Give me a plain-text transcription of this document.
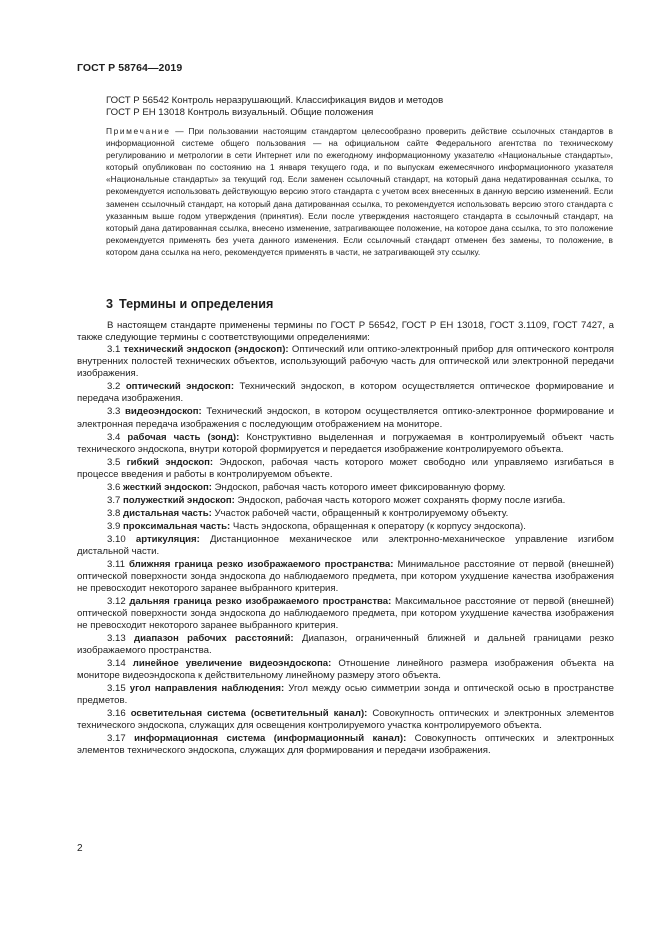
ГОСТ Р 58764—2019
ГОСТ Р 56542 Контроль неразрушающий. Классификация видов и методов
ГОСТ Р ЕН 13018 Контроль визуальный. Общие положения
Примечание — При пользовании настоящим стандартом целесообразно проверить действие ссылочных стандартов в информационной системе общего пользования — на официальном сайте Федерального агентства по техническому регулированию и метрологии в сети Интернет или по ежегодному информационному указателю «Национальные стандарты», который опубликован по состоянию на 1 января текущего года, и по выпускам ежемесячного информационного указателя «Национальные стандарты» за текущий год. Если заменен ссылочный стандарт, на который дана недатированная ссылка, то рекомендуется использовать действующую версию этого стандарта с учетом всех внесенных в данную версию изменений. Если заменен ссылочный стандарт, на который дана датированная ссылка, то рекомендуется использовать версию этого стандарта с указанным выше годом утверждения (принятия). Если после утверждения настоящего стандарта в ссылочный стандарт, на который дана датированная ссылка, внесено изменение, затрагивающее положение, на которое дана ссылка, то это положение рекомендуется применять без учета данного изменения. Если ссылочный стандарт отменен без замены, то положение, в котором дана ссылка на него, рекомендуется применять в части, не затрагивающей эту ссылку.
3 Термины и определения

В настоящем стандарте применены термины по ГОСТ Р 56542, ГОСТ Р ЕН 13018, ГОСТ 3.1109, ГОСТ 7427, а также следующие термины с соответствующими определениями:

3.1 технический эндоскоп (эндоскоп): Оптический или оптико-электронный прибор для оптического контроля внутренних полостей технических объектов, использующий рабочую часть для оптической или электронной передачи изображения.

3.2 оптический эндоскоп: Технический эндоскоп, в котором осуществляется оптическое формирование и передача изображения.

3.3 видеоэндоскоп: Технический эндоскоп, в котором осуществляется оптико-электронное формирование и электронная передача изображения с последующим отображением на мониторе.

3.4 рабочая часть (зонд): Конструктивно выделенная и погружаемая в контролируемый объект часть технического эндоскопа, внутри которой формируется и передается изображение контролируемого объекта.

3.5 гибкий эндоскоп: Эндоскоп, рабочая часть которого может свободно или управляемо изгибаться в процессе введения и работы в контролируемом объекте.

3.6 жесткий эндоскоп: Эндоскоп, рабочая часть которого имеет фиксированную форму.

3.7 полужесткий эндоскоп: Эндоскоп, рабочая часть которого может сохранять форму после изгиба.

3.8 дистальная часть: Участок рабочей части, обращенный к контролируемому объекту.

3.9 проксимальная часть: Часть эндоскопа, обращенная к оператору (к корпусу эндоскопа).

3.10 артикуляция: Дистанционное механическое или электронно-механическое управление изгибом дистальной части.

3.11 ближняя граница резко изображаемого пространства: Минимальное расстояние от первой (внешней) оптической поверхности зонда эндоскопа до наблюдаемого предмета, при котором ухудшение качества изображения не превосходит некоторого заранее выбранного критерия.

3.12 дальняя граница резко изображаемого пространства: Максимальное расстояние от первой (внешней) оптической поверхности зонда эндоскопа до наблюдаемого предмета, при котором ухудшение качества изображения не превосходит некоторого заранее выбранного критерия.

3.13 диапазон рабочих расстояний: Диапазон, ограниченный ближней и дальней границами резко изображаемого пространства.

3.14 линейное увеличение видеоэндоскопа: Отношение линейного размера изображения объекта на мониторе видеоэндоскопа к действительному линейному размеру этого объекта.

3.15 угол направления наблюдения: Угол между осью симметрии зонда и оптической осью в пространстве предметов.

3.16 осветительная система (осветительный канал): Совокупность оптических и электронных элементов технического эндоскопа, служащих для освещения контролируемого участка контролируемого объекта.

3.17 информационная система (информационный канал): Совокупность оптических и электронных элементов технического эндоскопа, служащих для формирования и передачи изображения.

2
